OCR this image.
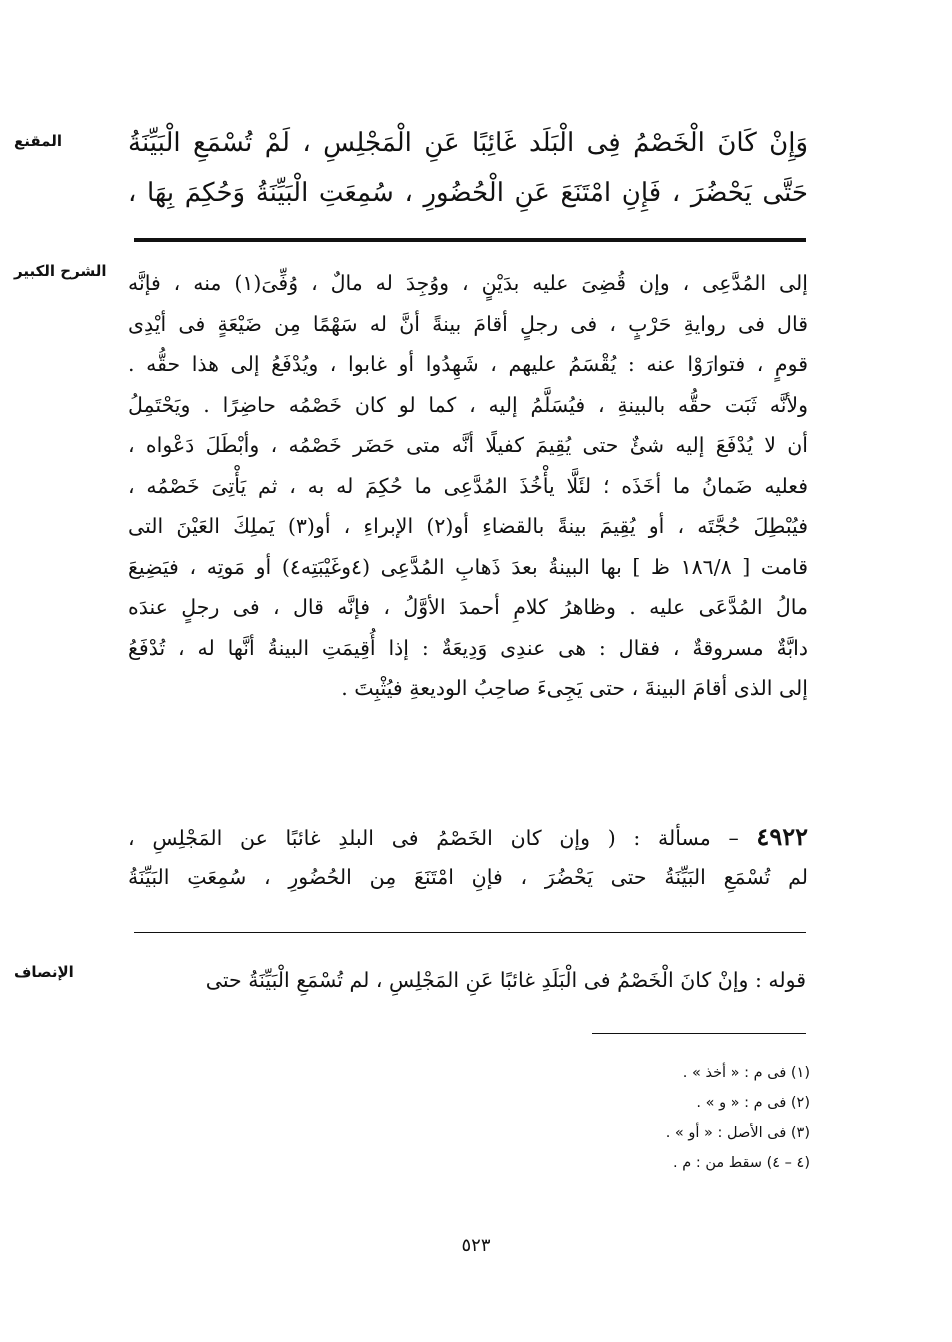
المقنع	وَإِنْ كَانَ الْخَصْمُ فِى الْبَلَد غَائِبًا عَنِ الْمَجْلِسِ ، لَمْ تُسْمَعِ الْبَيِّنَةُ
حَتَّى يَحْضُرَ ، فَإِنِ امْتَنَعَ عَنِ الْحُضُورِ ، سُمِعَتِ الْبَيِّنَةُ وَحُكِمَ بِهَا ،
الشرح الكبير إلى المُدَّعِى ، وإن قُضِىَ عليه بدَيْنٍ ، ووُجِدَ له مالٌ ، وُفِّىَ(١) منه ، فإنَّه
قال فى روايةِ حَرْبٍ ، فى رجلٍ أقامَ بينةً أنَّ له سَهْمًا مِن ضَيْعَةٍ فى أيْدِى
قومٍ ، فتوارَوْا عنه : يُقْسَمُ عليهم ، شَهِدُوا أو غابوا ، ويُدْفَعُ إلى هذا حقُّه .
ولأنَّه ثَبَت حقُّه بالبينةِ ، فيُسَلَّمُ إليه ، كما لو كان خَصْمُه حاضِرًا . ويَحْتَمِلُ
أن لا يُدْفَعَ إليه شئٌ حتى يُقِيمَ كفيلًا أنَّه متى حَضَر خَصْمُه ، وأبْطَلَ دَعْواه ،
فعليه ضَمانُ ما أخَذَه ؛ لئَلَّا يأْخُذَ المُدَّعِى ما حُكِمَ له به ، ثم يَأْتِىَ خَصْمُه ،
فيُبْطِلَ حُجَّتَه ، أو يُقِيمَ بينةً بالقضاءِ أو(٢) الإبراءِ ، أو(٣) يَملِكَ العَيْنَ التى
قامت [ ١٨٦/٨ ظ ] بها البينةُ بعدَ ذَهابِ المُدَّعِى (٤وغَيْبَتِه٤) أو مَوتِه ، فيَضِيعَ
مالُ المُدَّعَى عليه . وظاهرُ كلامِ أحمدَ الأوَّلُ ، فإنَّه قال ، فى رجلٍ عندَه
دابَّةٌ مسروقةٌ ، فقال : هى عندِى وَدِيعَةٌ : إذا أُقِيمَتِ البينةُ أنَّها له ، تُدْفَعُ
إلى الذى أقامَ البينةَ ، حتى يَجِىءَ صاحِبُ الوديعةِ فيُثْبِتَ .
٤٩٢٢ – مسألة : ( وإن كان الخَصْمُ فى البلدِ غائبًا عن المَجْلِسِ ،
لم تُسْمَعِ البَيِّنَةُ حتى يَحْضُرَ ، فإنِ امْتَنَعَ مِن الحُضُورِ ، سُمِعَتِ البَيِّنَةُ
الإنصاف	قوله : وإنْ كانَ الْخَصْمُ فى الْبَلَدِ غائبًا عَنِ المَجْلِسِ ، لم تُسْمَعِ الْبَيِّنَةُ حتى
(١) فى م : « أخذ » .
(٢) فى م : « و » .
(٣) فى الأصل : « أو » .
(٤ – ٤) سقط من : م .
٥٢٣
